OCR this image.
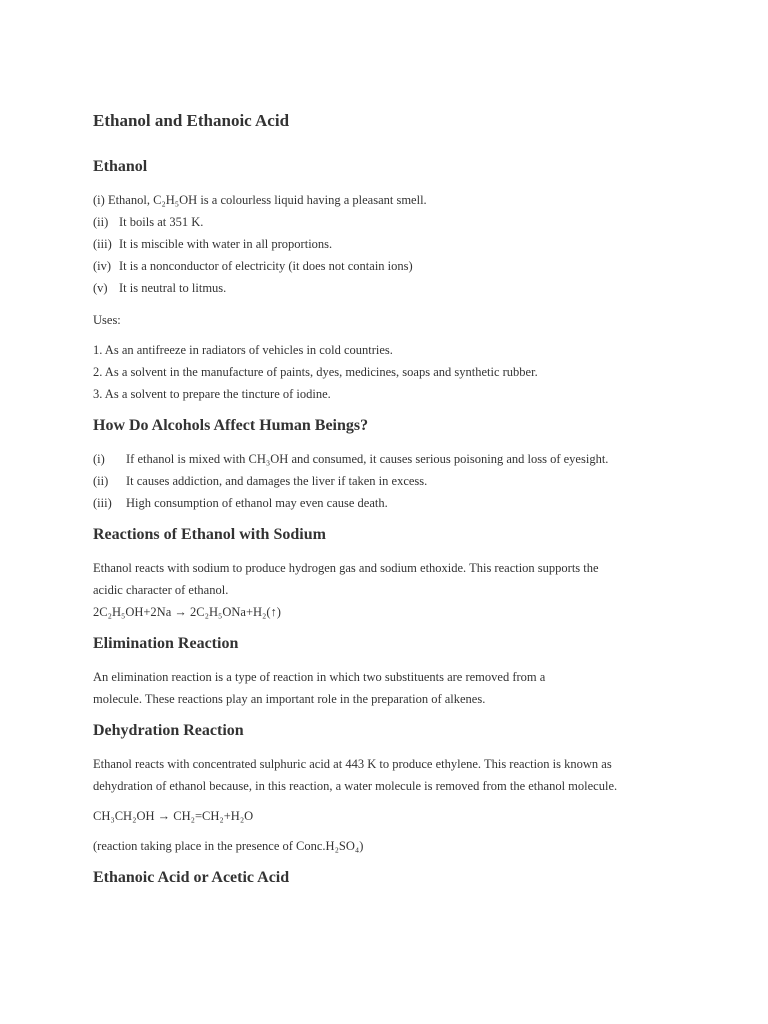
Ethanol and Ethanoic Acid
Ethanol
(i) Ethanol, C₂H₅OH is a colourless liquid having a pleasant smell.
(ii) It boils at 351 K.
(iii) It is miscible with water in all proportions.
(iv) It is a nonconductor of electricity (it does not contain ions)
(v) It is neutral to litmus.

Uses:

1. As an antifreeze in radiators of vehicles in cold countries.

2. As a solvent in the manufacture of paints, dyes, medicines, soaps and synthetic rubber.

3. As a solvent to prepare the tincture of iodine.

How Do Alcohols Affect Human Beings?
(i) If ethanol is mixed with CH₃OH and consumed, it causes serious poisoning and loss of eyesight.
(ii) It causes addiction, and damages the liver if taken in excess.
(iii) High consumption of ethanol may even cause death.
Reactions of Ethanol with Sodium

Ethanol reacts with sodium to produce hydrogen gas and sodium ethoxide. This reaction supports the

acidic character of ethanol.

2C₂H₅OH+2Na → 2C₂H₅ONa+H₂(↑)

Elimination Reaction

An elimination reaction is a type of reaction in which two substituents are removed from a

molecule. These reactions play an important role in the preparation of alkenes.

Dehydration Reaction

Ethanol reacts with concentrated sulphuric acid at 443 K to produce ethylene. This reaction is known as

dehydration of ethanol because, in this reaction, a water molecule is removed from the ethanol molecule.

CH₃CH₂OH → CH₂=CH₂+H₂O

(reaction taking place in the presence of Conc.H₂SO₄)

Ethanoic Acid or Acetic Acid
